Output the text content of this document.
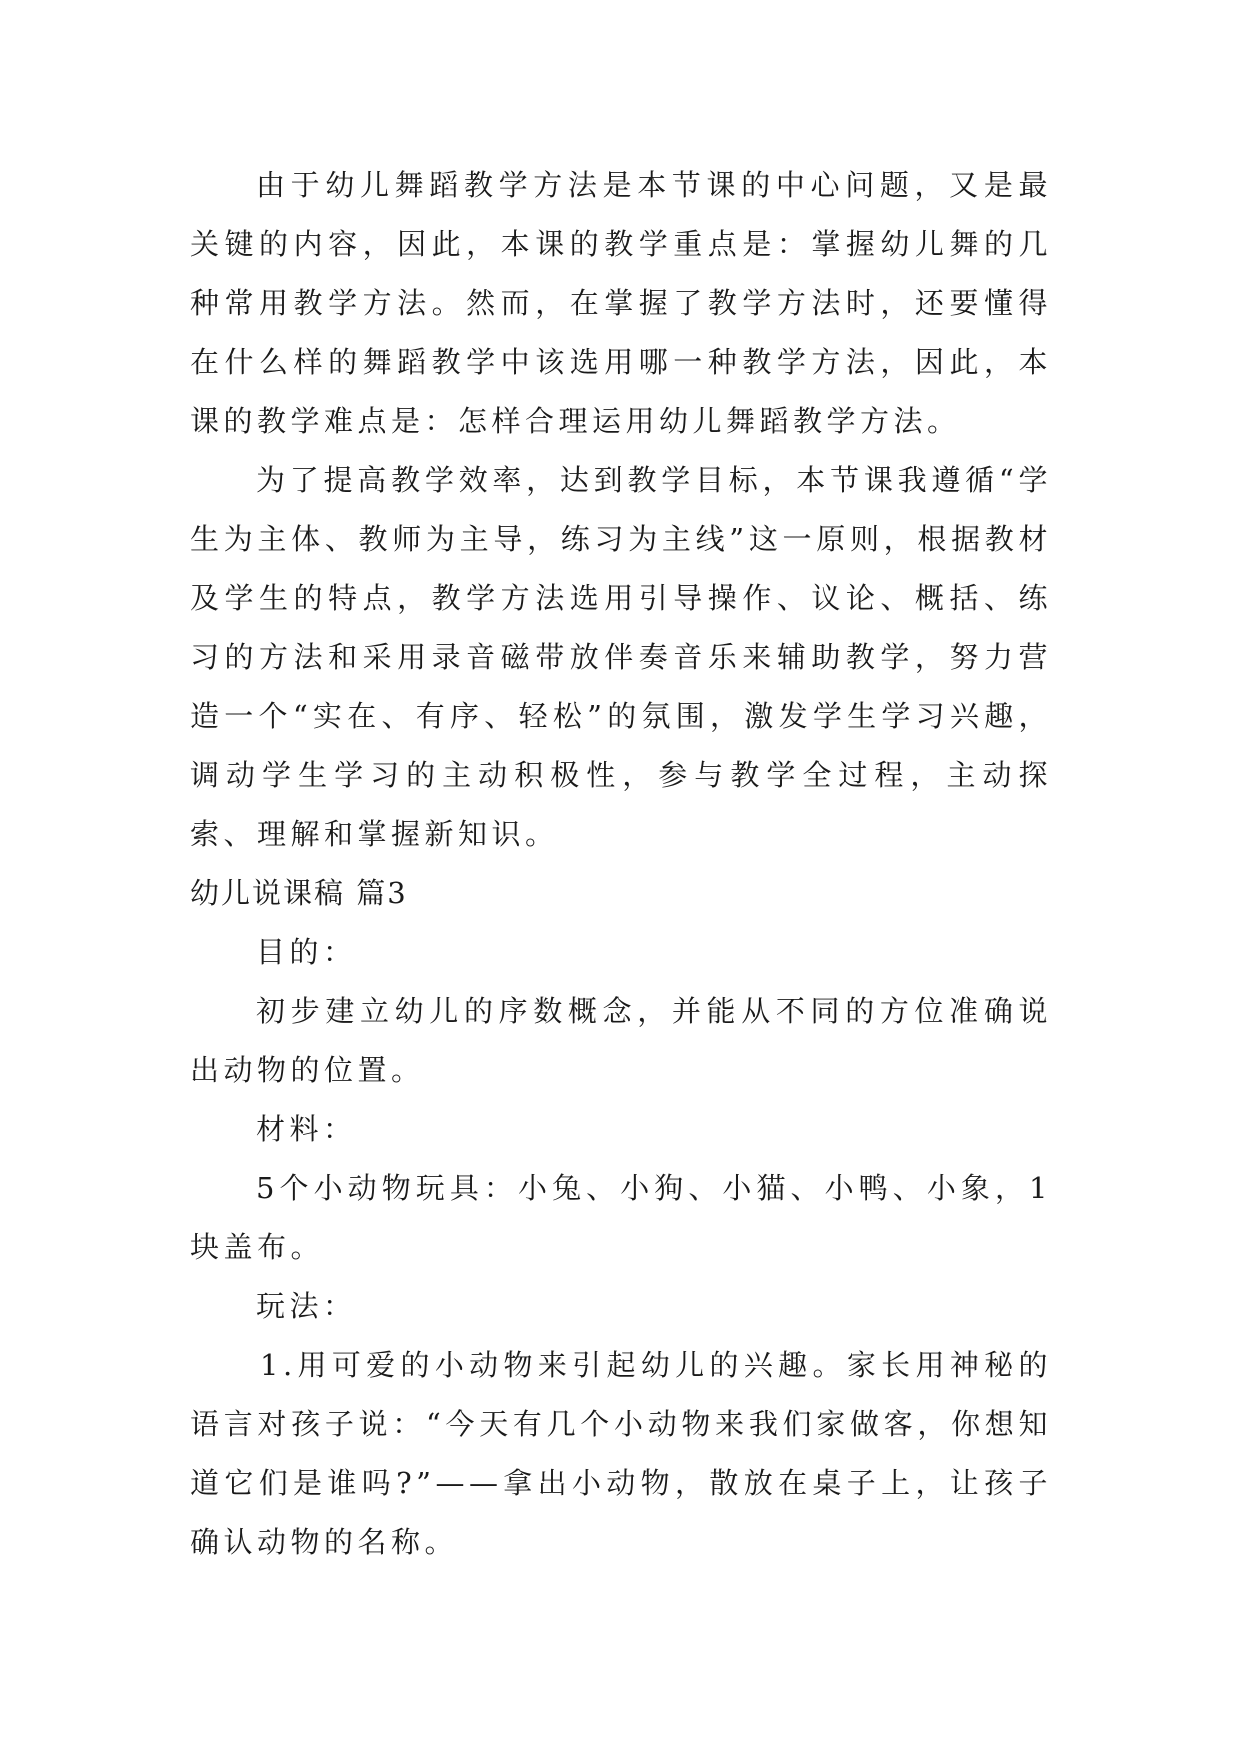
由于幼儿舞蹈教学方法是本节课的中心问题，又是最关键的内容，因此，本课的教学重点是：掌握幼儿舞的几种常用教学方法。然而，在掌握了教学方法时，还要懂得在什么样的舞蹈教学中该选用哪一种教学方法，因此，本课的教学难点是：怎样合理运用幼儿舞蹈教学方法。

为了提高教学效率，达到教学目标，本节课我遵循“学生为主体、教师为主导，练习为主线”这一原则，根据教材及学生的特点，教学方法选用引导操作、议论、概括、练习的方法和采用录音磁带放伴奏音乐来辅助教学，努力营造一个“实在、有序、轻松”的氛围，激发学生学习兴趣，调动学生学习的主动积极性，参与教学全过程，主动探索、理解和掌握新知识。

幼儿说课稿 篇3

目的：

初步建立幼儿的序数概念，并能从不同的方位准确说出动物的位置。

材料：

5个小动物玩具：小兔、小狗、小猫、小鸭、小象，1块盖布。

玩法：

1.用可爱的小动物来引起幼儿的兴趣。家长用神秘的语言对孩子说：“今天有几个小动物来我们家做客，你想知道它们是谁吗?”——拿出小动物，散放在桌子上，让孩子确认动物的名称。
